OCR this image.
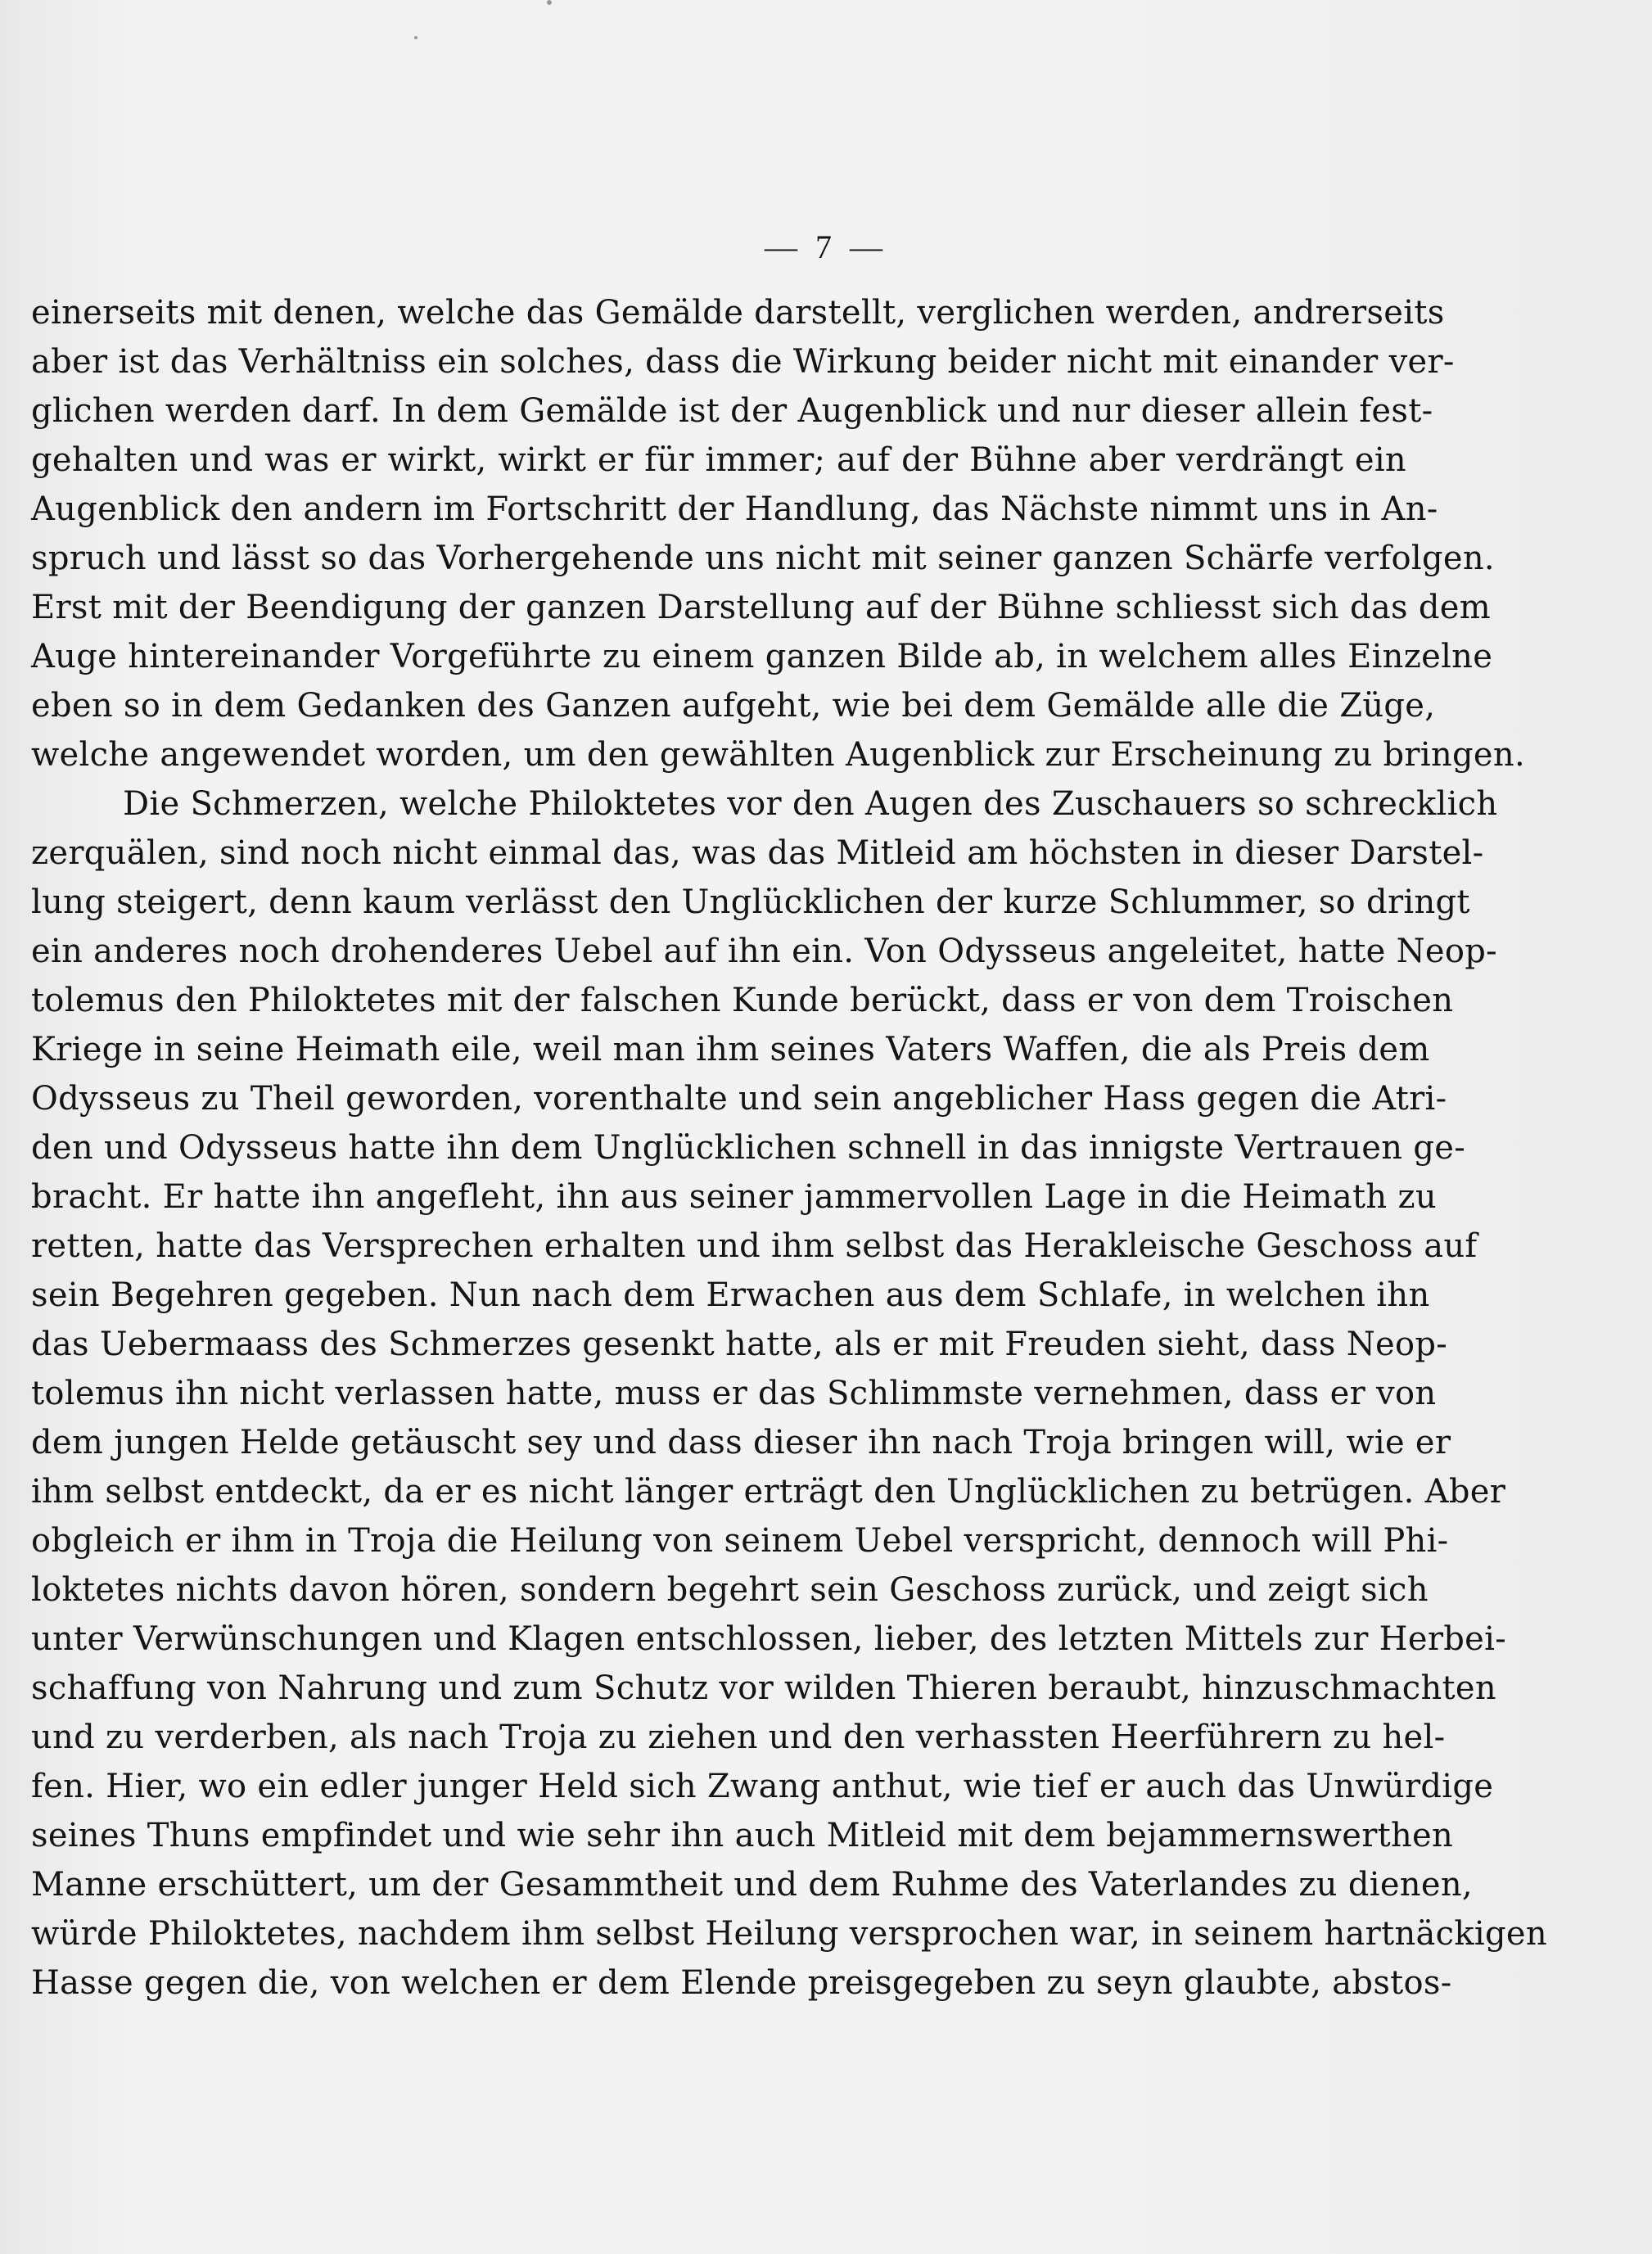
— 7 —
einerseits mit denen, welche das Gemälde darstellt, verglichen werden, andrerseits
aber ist das Verhältniss ein solches, dass die Wirkung beider nicht mit einander ver-
glichen werden darf. In dem Gemälde ist der Augenblick und nur dieser allein fest-
gehalten und was er wirkt, wirkt er für immer; auf der Bühne aber verdrängt ein
Augenblick den andern im Fortschritt der Handlung, das Nächste nimmt uns in An-
spruch und lässt so das Vorhergehende uns nicht mit seiner ganzen Schärfe verfolgen.
Erst mit der Beendigung der ganzen Darstellung auf der Bühne schliesst sich das dem
Auge hintereinander Vorgeführte zu einem ganzen Bilde ab, in welchem alles Einzelne
eben so in dem Gedanken des Ganzen aufgeht, wie bei dem Gemälde alle die Züge,
welche angewendet worden, um den gewählten Augenblick zur Erscheinung zu bringen.
Die Schmerzen, welche Philoktetes vor den Augen des Zuschauers so schrecklich
zerquälen, sind noch nicht einmal das, was das Mitleid am höchsten in dieser Darstel-
lung steigert, denn kaum verlässt den Unglücklichen der kurze Schlummer, so dringt
ein anderes noch drohenderes Uebel auf ihn ein. Von Odysseus angeleitet, hatte Neop-
tolemus den Philoktetes mit der falschen Kunde berückt, dass er von dem Troischen
Kriege in seine Heimath eile, weil man ihm seines Vaters Waffen, die als Preis dem
Odysseus zu Theil geworden, vorenthalte und sein angeblicher Hass gegen die Atri-
den und Odysseus hatte ihn dem Unglücklichen schnell in das innigste Vertrauen ge-
bracht. Er hatte ihn angefleht, ihn aus seiner jammervollen Lage in die Heimath zu
retten, hatte das Versprechen erhalten und ihm selbst das Herakleische Geschoss auf
sein Begehren gegeben. Nun nach dem Erwachen aus dem Schlafe, in welchen ihn
das Uebermaass des Schmerzes gesenkt hatte, als er mit Freuden sieht, dass Neop-
tolemus ihn nicht verlassen hatte, muss er das Schlimmste vernehmen, dass er von
dem jungen Helde getäuscht sey und dass dieser ihn nach Troja bringen will, wie er
ihm selbst entdeckt, da er es nicht länger erträgt den Unglücklichen zu betrügen. Aber
obgleich er ihm in Troja die Heilung von seinem Uebel verspricht, dennoch will Phi-
loktetes nichts davon hören, sondern begehrt sein Geschoss zurück, und zeigt sich
unter Verwünschungen und Klagen entschlossen, lieber, des letzten Mittels zur Herbei-
schaffung von Nahrung und zum Schutz vor wilden Thieren beraubt, hinzuschmachten
und zu verderben, als nach Troja zu ziehen und den verhassten Heerführern zu hel-
fen. Hier, wo ein edler junger Held sich Zwang anthut, wie tief er auch das Unwürdige
seines Thuns empfindet und wie sehr ihn auch Mitleid mit dem bejammernswerthen
Manne erschüttert, um der Gesammtheit und dem Ruhme des Vaterlandes zu dienen,
würde Philoktetes, nachdem ihm selbst Heilung versprochen war, in seinem hartnäckigen
Hasse gegen die, von welchen er dem Elende preisgegeben zu seyn glaubte, abstos-
